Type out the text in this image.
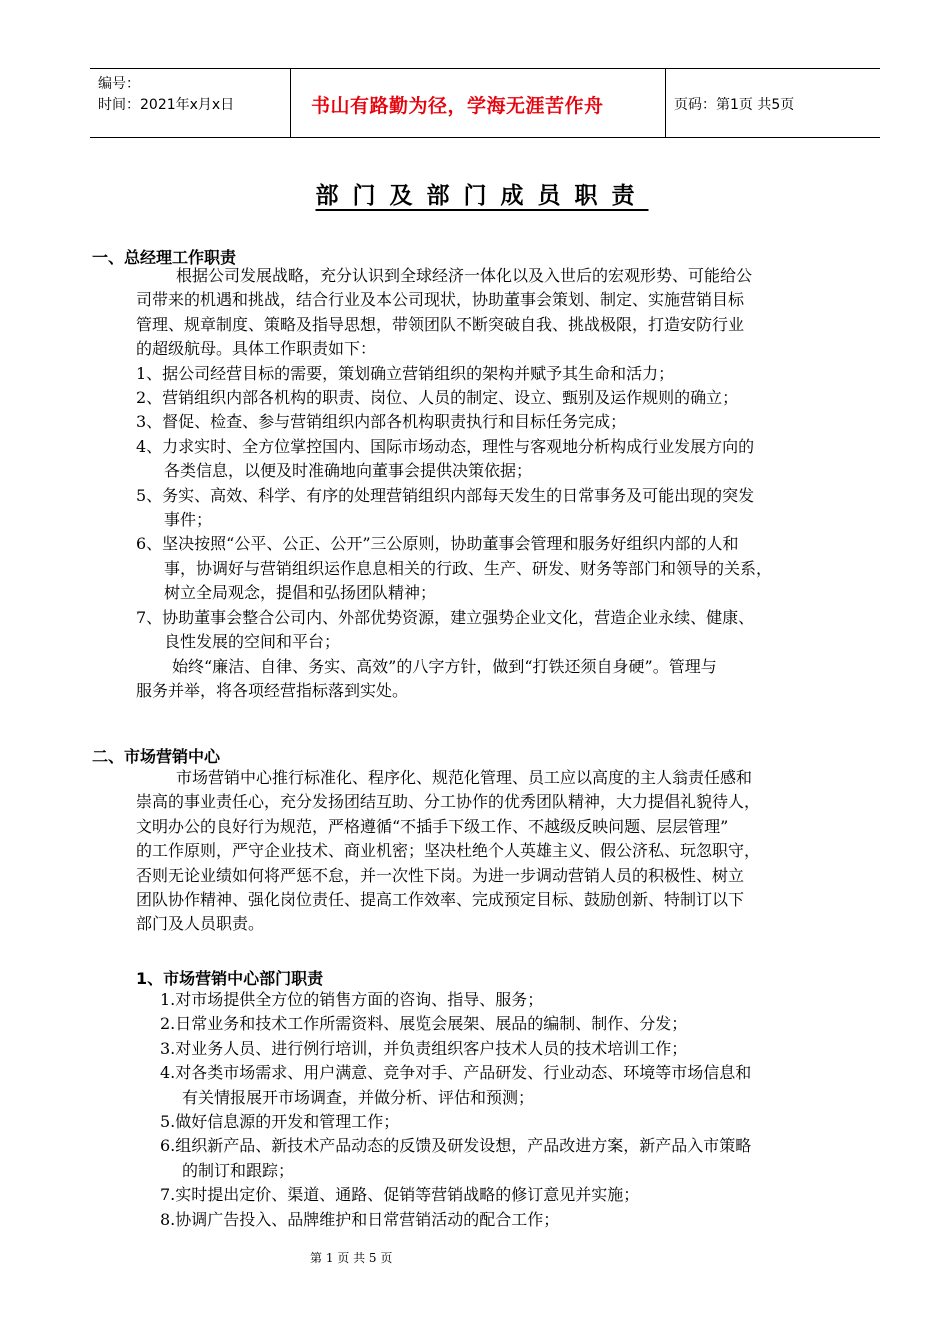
编号：
时间：2021年x月x日	书山有路勤为径，学海无涯苦作舟	页码：第1页 共5页
部门及部门成员职责
一、总经理工作职责
根据公司发展战略，充分认识到全球经济一体化以及入世后的宏观形势、可能给公
司带来的机遇和挑战，结合行业及本公司现状，协助董事会策划、制定、实施营销目标
管理、规章制度、策略及指导思想，带领团队不断突破自我、挑战极限，打造安防行业
的超级航母。具体工作职责如下：
1、据公司经营目标的需要，策划确立营销组织的架构并赋予其生命和活力；
2、营销组织内部各机构的职责、岗位、人员的制定、设立、甄别及运作规则的确立；
3、督促、检查、参与营销组织内部各机构职责执行和目标任务完成；
4、力求实时、全方位掌控国内、国际市场动态，理性与客观地分析构成行业发展方向的
各类信息，以便及时准确地向董事会提供决策依据；
5、务实、高效、科学、有序的处理营销组织内部每天发生的日常事务及可能出现的突发
事件；
6、坚决按照“公平、公正、公开”三公原则，协助董事会管理和服务好组织内部的人和
事，协调好与营销组织运作息息相关的行政、生产、研发、财务等部门和领导的关系，
树立全局观念，提倡和弘扬团队精神；
7、协助董事会整合公司内、外部优势资源，建立强势企业文化，营造企业永续、健康、
良性发展的空间和平台；
始终“廉洁、自律、务实、高效”的八字方针，做到“打铁还须自身硬”。管理与
服务并举，将各项经营指标落到实处。
二、市场营销中心
市场营销中心推行标准化、程序化、规范化管理、员工应以高度的主人翁责任感和
崇高的事业责任心，充分发扬团结互助、分工协作的优秀团队精神，大力提倡礼貌待人，
文明办公的良好行为规范，严格遵循“不插手下级工作、不越级反映问题、层层管理”
的工作原则，严守企业技术、商业机密；坚决杜绝个人英雄主义、假公济私、玩忽职守，
否则无论业绩如何将严惩不怠，并一次性下岗。为进一步调动营销人员的积极性、树立
团队协作精神、强化岗位责任、提高工作效率、完成预定目标、鼓励创新、特制订以下
部门及人员职责。
1、市场营销中心部门职责
1.对市场提供全方位的销售方面的咨询、指导、服务；
2.日常业务和技术工作所需资料、展览会展架、展品的编制、制作、分发；
3.对业务人员、进行例行培训，并负责组织客户技术人员的技术培训工作；
4.对各类市场需求、用户满意、竞争对手、产品研发、行业动态、环境等市场信息和
有关情报展开市场调查，并做分析、评估和预测；
5.做好信息源的开发和管理工作；
6.组织新产品、新技术产品动态的反馈及研发设想，产品改进方案，新产品入市策略
的制订和跟踪；
7.实时提出定价、渠道、通路、促销等营销战略的修订意见并实施；
8.协调广告投入、品牌维护和日常营销活动的配合工作；
第 1 页 共 5 页
